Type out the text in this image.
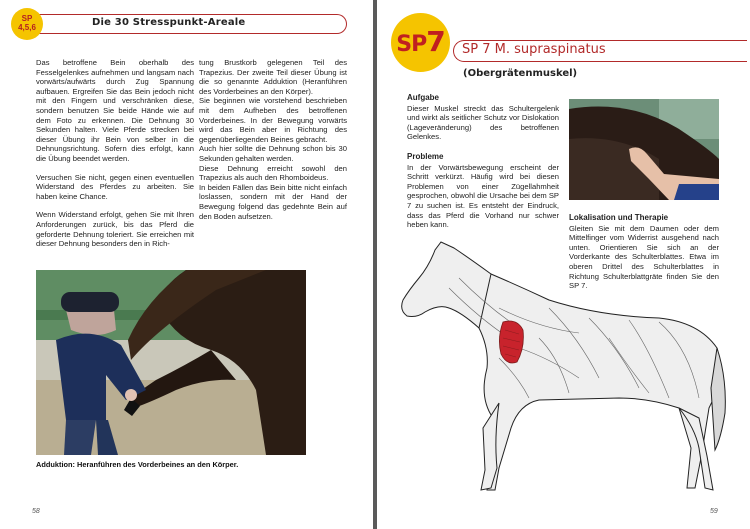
Die 30 Stresspunkt-Areale
SP
4,5,6

Das betroffene Bein oberhalb des Fesselgelenkes aufnehmen und langsam nach vorwärts/aufwärts durch Zug Spannung aufbauen. Ergreifen Sie das Bein jedoch nicht mit den Fingern und verschränken diese, sondern benutzen Sie beide Hände wie auf dem Foto zu erkennen. Die Dehnung 30 Sekunden halten. Viele Pferde strecken bei dieser Übung ihr Bein von selber in die Dehnungsrichtung. Sofern dies erfolgt, kann die Übung beendet werden.

Versuchen Sie nicht, gegen einen eventuellen Widerstand des Pferdes zu arbeiten. Sie haben keine Chance.

Wenn Widerstand erfolgt, gehen Sie mit Ihren Anforderungen zurück, bis das Pferd die geforderte Dehnung toleriert. Sie erreichen mit dieser Dehnung besonders den in Rich-

tung Brustkorb gelegenen Teil des Trapezius. Der zweite Teil dieser Übung ist die so genannte Adduktion (Heranführen des Vorderbeines an den Körper).

Sie beginnen wie vorstehend beschrieben mit dem Aufheben des betroffenen Vorderbeines. In der Bewegung vorwärts wird das Bein aber in Richtung des gegenüberliegenden Beines gebracht.

Auch hier sollte die Dehnung schon bis 30 Sekunden gehalten werden.

Diese Dehnung erreicht sowohl den Trapezius als auch den Rhomboideus.

In beiden Fällen das Bein bitte nicht einfach loslassen, sondern mit der Hand der Bewegung folgend das gedehnte Bein auf den Boden aufsetzen.

Adduktion: Heranführen des Vorderbeines an den Körper.
58
SP 7 M. supraspinatus
SP7
(Obergrätenmuskel)
Aufgabe

Dieser Muskel streckt das Schultergelenk und wirkt als seitlicher Schutz vor Dislokation (Lageveränderung) des betroffenen Gelenkes.

Probleme

In der Vorwärtsbewegung erscheint der Schritt verkürzt. Häufig wird bei diesen Problemen von einer Zügellahmheit gesprochen, obwohl die Ursache bei dem SP 7 zu suchen ist. Es entsteht der Eindruck, dass das Pferd die Vorhand nur schwer heben kann.

Lokalisation und Therapie

Gleiten Sie mit dem Daumen oder dem Mittelfinger vom Widerrist ausgehend nach unten. Orientieren Sie sich an der Vorderkante des Schulterblattes. Etwa im oberen Drittel des Schulterblattes in Richtung Schulterblattgräte finden Sie den SP 7.

59
